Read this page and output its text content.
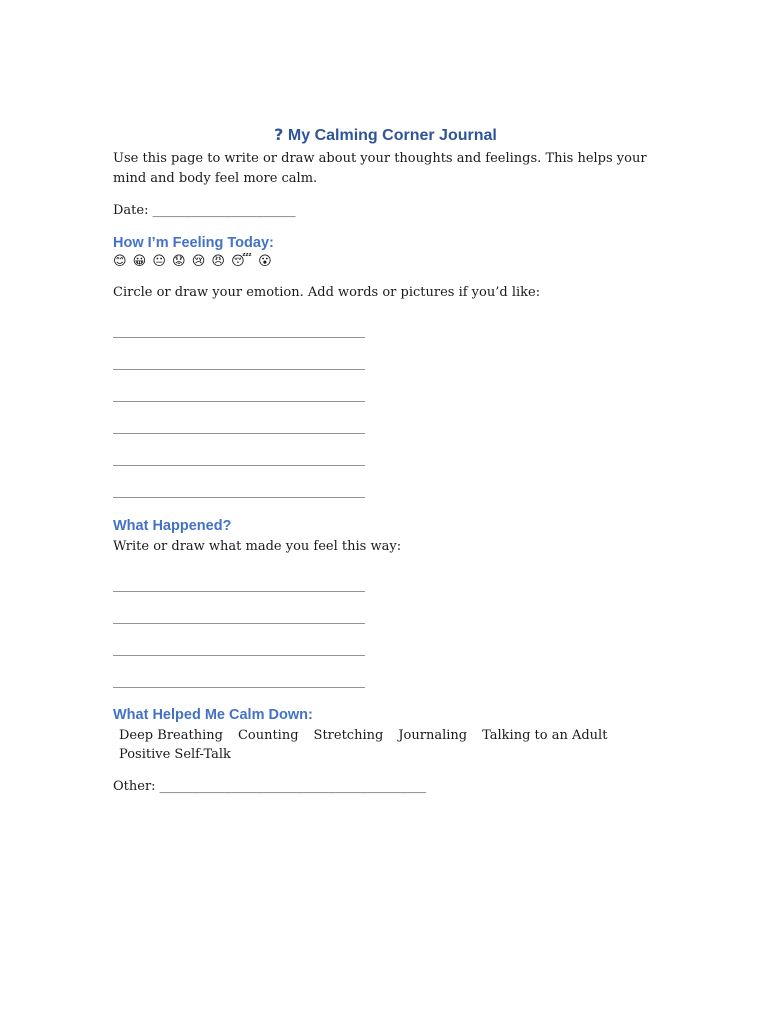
? My Calming Corner Journal

Use this page to write or draw about your thoughts and feelings. This helps your mind and body feel more calm.

Date: ______________________

How I’m Feeling Today:
😊 😀 😐 😟 😢 😠 😴 😮

Circle or draw your emotion. Add words or pictures if you’d like:

__________________________________________
__________________________________________
__________________________________________
__________________________________________
__________________________________________
__________________________________________
What Happened?

Write or draw what made you feel this way:

__________________________________________
__________________________________________
__________________________________________
__________________________________________
What Helped Me Calm Down:
Deep Breathing Counting Stretching Journaling Talking to an Adult
Positive Self-Talk

Other: _________________________________________
